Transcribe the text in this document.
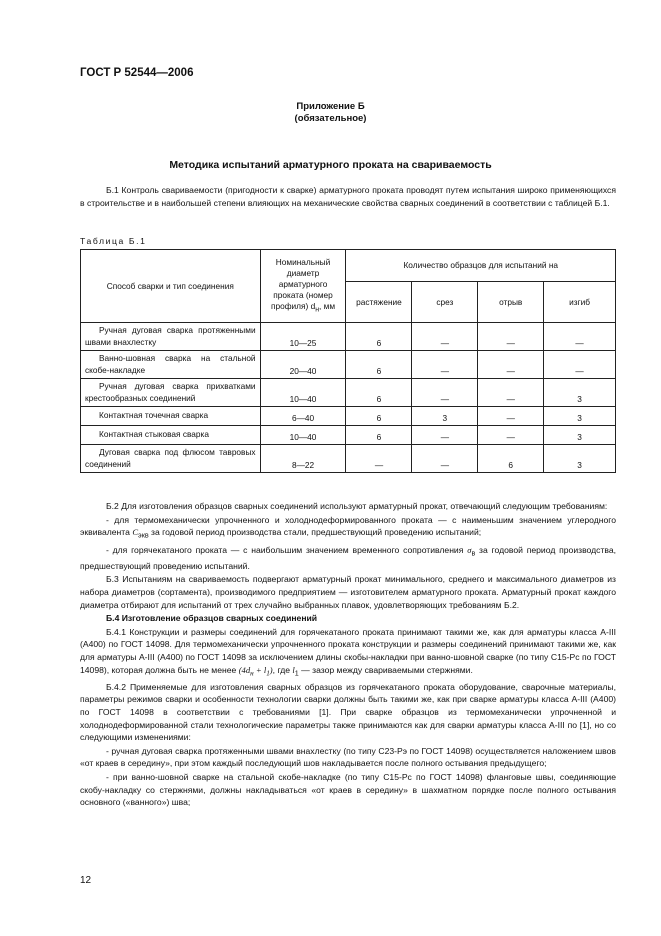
ГОСТ Р 52544—2006
Приложение Б
(обязательное)
Методика испытаний арматурного проката на свариваемость

Б.1 Контроль свариваемости (пригодности к сварке) арматурного проката проводят путем испытания широко применяющихся в строительстве и в наибольшей степени влияющих на механические свойства сварных соединений в соответствии с таблицей Б.1.

Таблица Б.1
Способ сварки и тип соединения	Номинальный диаметр арматурного проката (номер профиля) $d_н$, мм	Количество образцов для испытаний на			
		растяжение	срез	отрыв	изгиб
Ручная дуговая сварка протяженными швами внахлестку	10—25	6	—	—	—
Ванно-шовная сварка на стальной скобе-накладке	20—40	6	—	—	—
Ручная дуговая сварка прихватками крестообразных соединений	10—40	6	—	—	3
Контактная точечная сварка	6—40	6	3	—	3
Контактная стыковая сварка	10—40	6	—	—	3
Дуговая сварка под флюсом тавровых соединений	8—22	—	—	6	3

Б.2 Для изготовления образцов сварных соединений используют арматурный прокат, отвечающий следующим требованиям:

- для термомеханически упрочненного и холоднодеформированного проката — с наименьшим значением углеродного эквивалента $C_{экв}$ за годовой период производства стали, предшествующий проведению испытаний;

- для горячекатаного проката — с наибольшим значением временного сопротивления $\sigma_в$ за годовой период производства, предшествующий проведению испытаний.

Б.3 Испытаниям на свариваемость подвергают арматурный прокат минимального, среднего и максимального диаметров из набора диаметров (сортамента), производимого предприятием — изготовителем арматурного проката. Арматурный прокат каждого диаметра отбирают для испытаний от трех случайно выбранных плавок, удовлетворяющих требованиям Б.2.

Б.4 Изготовление образцов сварных соединений

Б.4.1 Конструкции и размеры соединений для горячекатаного проката принимают такими же, как для арматуры класса А-III (А400) по ГОСТ 14098. Для термомеханически упрочненного проката конструкции и размеры соединений принимают такими же, как для арматуры А-III (А400) по ГОСТ 14098 за исключением длины скобы-накладки при ванно-шовной сварке (по типу С15-Рс по ГОСТ 14098), которая должна быть не менее $(4d_н + l_1)$, где $l_1$ — зазор между свариваемыми стержнями.

Б.4.2 Применяемые для изготовления сварных образцов из горячекатаного проката оборудование, сварочные материалы, параметры режимов сварки и особенности технологии сварки должны быть такими же, как при сварке арматуры класса А-III (А400) по ГОСТ 14098 в соответствии с требованиями [1]. При сварке образцов из термомеханически упрочненной и холоднодеформированной стали технологические параметры также принимаются как для сварки арматуры класса А-III по [1], но со следующими изменениями:

- ручная дуговая сварка протяженными швами внахлестку (по типу С23-Рэ по ГОСТ 14098) осуществляется наложением швов «от краев в середину», при этом каждый последующий шов накладывается после полного остывания предыдущего;

- при ванно-шовной сварке на стальной скобе-накладке (по типу С15-Рс по ГОСТ 14098) фланговые швы, соединяющие скобу-накладку со стержнями, должны накладываться «от краев в середину» в шахматном порядке после полного остывания основного («ванного») шва;

12
